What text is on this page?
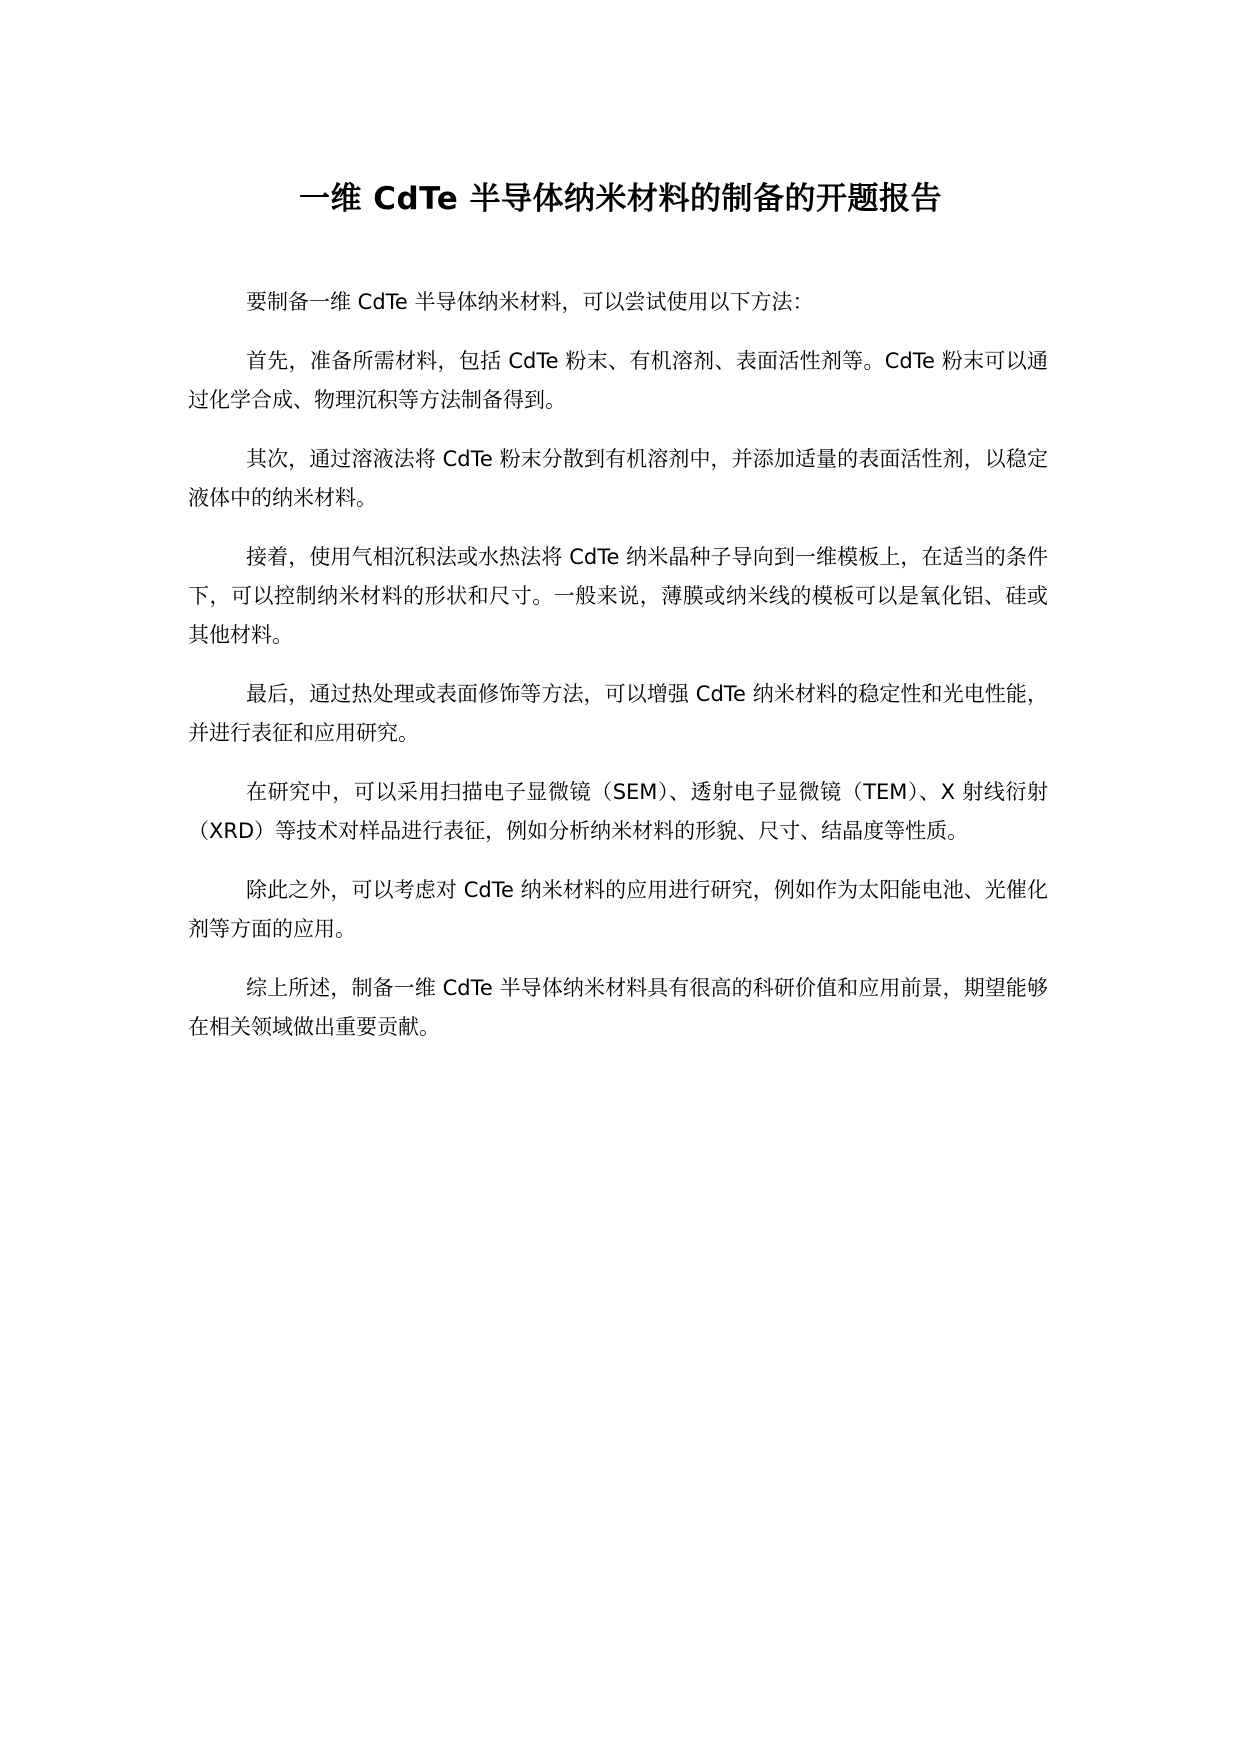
一维 CdTe 半导体纳米材料的制备的开题报告

要制备一维 CdTe 半导体纳米材料，可以尝试使用以下方法：

首先，准备所需材料，包括 CdTe 粉末、有机溶剂、表面活性剂等。CdTe 粉末可以通过化学合成、物理沉积等方法制备得到。

其次，通过溶液法将 CdTe 粉末分散到有机溶剂中，并添加适量的表面活性剂，以稳定液体中的纳米材料。

接着，使用气相沉积法或水热法将 CdTe 纳米晶种子导向到一维模板上，在适当的条件下，可以控制纳米材料的形状和尺寸。一般来说，薄膜或纳米线的模板可以是氧化铝、硅或其他材料。

最后，通过热处理或表面修饰等方法，可以增强 CdTe 纳米材料的稳定性和光电性能，并进行表征和应用研究。

在研究中，可以采用扫描电子显微镜（SEM）、透射电子显微镜（TEM）、X 射线衍射（XRD）等技术对样品进行表征，例如分析纳米材料的形貌、尺寸、结晶度等性质。

除此之外，可以考虑对 CdTe 纳米材料的应用进行研究，例如作为太阳能电池、光催化剂等方面的应用。

综上所述，制备一维 CdTe 半导体纳米材料具有很高的科研价值和应用前景，期望能够在相关领域做出重要贡献。
